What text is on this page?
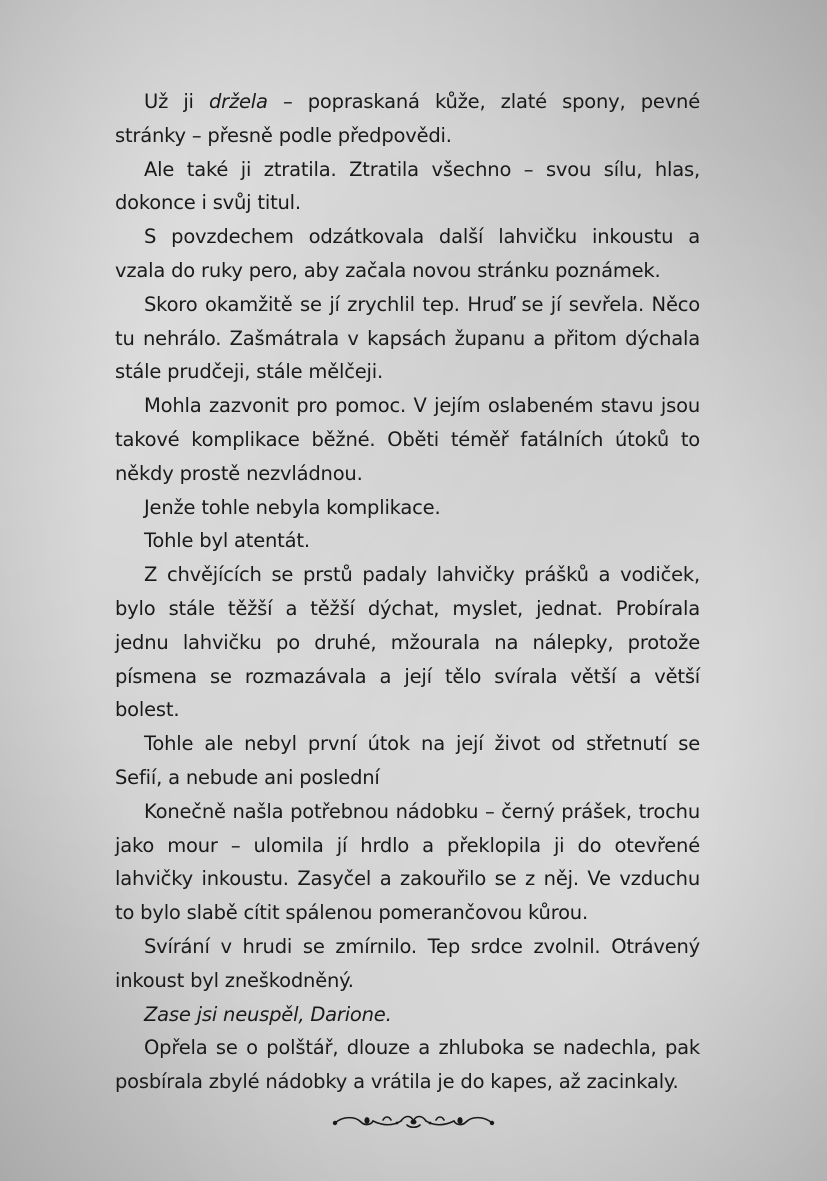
Už ji držela – popraskaná kůže, zlaté spony, pevné stránky – přesně podle předpovědi.

Ale také ji ztratila. Ztratila všechno – svou sílu, hlas, dokonce i svůj titul.

S povzdechem odzátkovala další lahvičku inkoustu a vzala do ruky pero, aby začala novou stránku poznámek.

Skoro okamžitě se jí zrychlil tep. Hruď se jí sevřela. Něco tu nehrálo. Zašmátrala v kapsách županu a přitom dýchala stále prudčeji, stále mělčeji.

Mohla zazvonit pro pomoc. V jejím oslabeném stavu jsou takové komplikace běžné. Oběti téměř fatálních útoků to někdy prostě nezvládnou.

Jenže tohle nebyla komplikace.

Tohle byl atentát.

Z chvějících se prstů padaly lahvičky prášků a vodiček, bylo stále těžší a těžší dýchat, myslet, jednat. Probírala jednu lahvičku po druhé, mžourala na nálepky, protože písmena se rozmazávala a její tělo svírala větší a větší bolest.

Tohle ale nebyl první útok na její život od střetnutí se Sefií, a nebude ani poslední

Konečně našla potřebnou nádobku – černý prášek, trochu jako mour – ulomila jí hrdlo a překlopila ji do otevřené lahvičky inkoustu. Zasyčel a zakouřilo se z něj. Ve vzduchu to bylo slabě cítit spálenou pomerančovou kůrou.

Svírání v hrudi se zmírnilo. Tep srdce zvolnil. Otrávený inkoust byl zneškodněný.

Zase jsi neuspěl, Darione.

Opřela se o polštář, dlouze a zhluboka se nadechla, pak posbírala zbylé nádobky a vrátila je do kapes, až zacinkaly.
